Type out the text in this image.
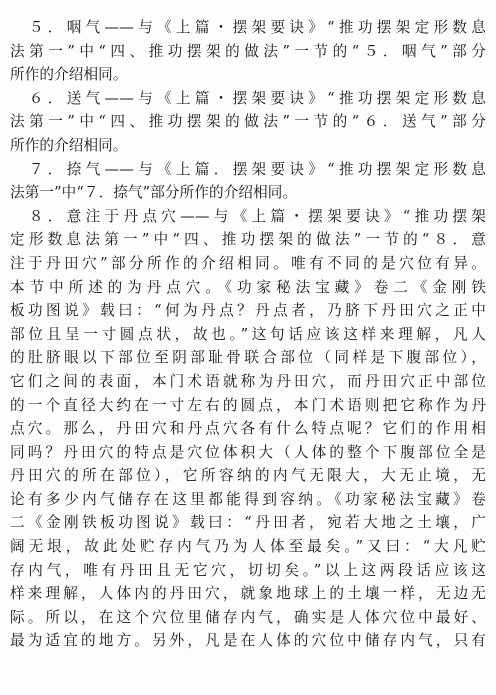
　５．咽气——与《上篇・摆架要诀》“推功摆架定形数息
法第一”中“四、推功摆架的做法”一节的“５．咽气”部分
所作的介绍相同。
　６．送气——与《上篇・摆架要诀》“推功摆架定形数息
法第一”中“四、推功摆架的做法”一节的“６．送气”部分
所作的介绍相同。
　７．捺气——与《上篇．摆架要诀》“推功摆架定形数息
法第一”中“７．捺气”部分所作的介绍相同。
　８．意注于丹点穴——与《上篇・摆架要诀》“推功摆架
定形数息法第一”中“四、推功摆架的做法”一节的“８．意
注于丹田穴”部分所作的介绍相同。唯有不同的是穴位有异。
本节中所述的为丹点穴。《功家秘法宝藏》卷二《金刚铁
板功图说》载曰：“何为丹点？丹点者，乃脐下丹田穴之正中
部位且呈一寸圆点状，故也。”这句话应该这样来理解，凡人
的肚脐眼以下部位至阴部耻骨联合部位（同样是下腹部位），
它们之间的表面，本门术语就称为丹田穴，而丹田穴正中部位
的一个直径大约在一寸左右的圆点，本门术语则把它称作为丹
点穴。那么，丹田穴和丹点穴各有什么特点呢？它们的作用相
同吗？丹田穴的特点是穴位体积大（人体的整个下腹部位全是
丹田穴的所在部位），它所容纳的内气无限大，大无止境，无
论有多少内气储存在这里都能得到容纳。《功家秘法宝藏》卷
二《金刚铁板功图说》载曰：“丹田者，宛若大地之土壤，广
阔无垠，故此处贮存内气乃为人体至最矣。”又曰：“大凡贮
存内气，唯有丹田且无它穴，切切矣。”以上这两段话应该这
样来理解，人体内的丹田穴，就象地球上的土壤一样，无边无
际。所以，在这个穴位里储存内气，确实是人体穴位中最好、
最为适宜的地方。另外，凡是在人体的穴位中储存内气，只有
